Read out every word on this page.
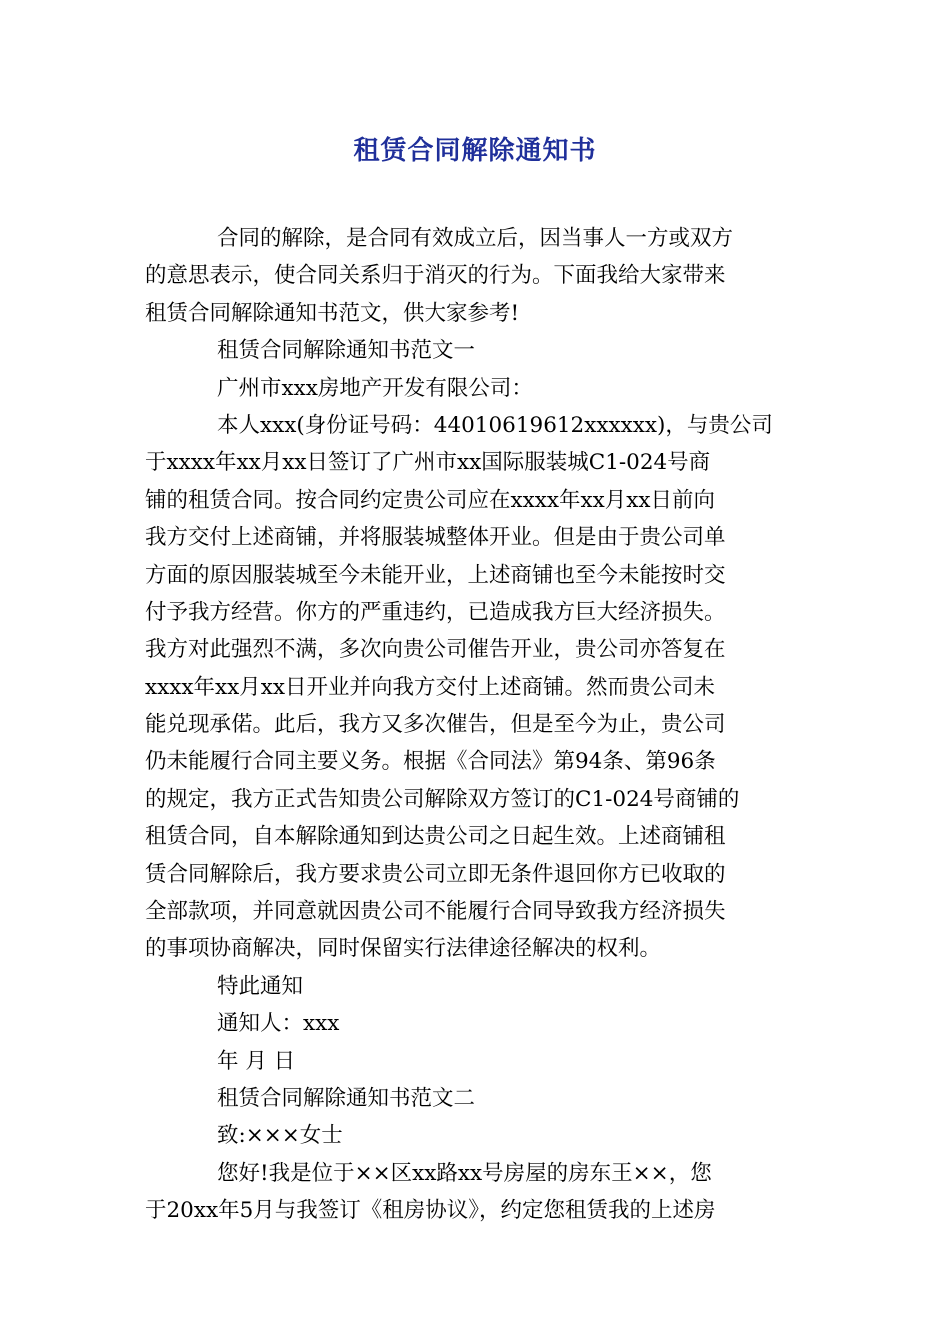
租赁合同解除通知书
合同的解除，是合同有效成立后，因当事人一方或双方
的意思表示，使合同关系归于消灭的行为。下面我给大家带来
租赁合同解除通知书范文，供大家参考!
租赁合同解除通知书范文一
广州市xxx房地产开发有限公司：
本人xxx(身份证号码：44010619612xxxxxx)，与贵公司
于xxxx年xx月xx日签订了广州市xx国际服装城C1-024号商
铺的租赁合同。按合同约定贵公司应在xxxx年xx月xx日前向
我方交付上述商铺，并将服装城整体开业。但是由于贵公司单
方面的原因服装城至今未能开业，上述商铺也至今未能按时交
付予我方经营。你方的严重违约，已造成我方巨大经济损失。
我方对此强烈不满，多次向贵公司催告开业，贵公司亦答复在
xxxx年xx月xx日开业并向我方交付上述商铺。然而贵公司未
能兑现承偌。此后，我方又多次催告，但是至今为止，贵公司
仍未能履行合同主要义务。根据《合同法》第94条、第96条
的规定，我方正式告知贵公司解除双方签订的C1-024号商铺的
租赁合同，自本解除通知到达贵公司之日起生效。上述商铺租
赁合同解除后，我方要求贵公司立即无条件退回你方已收取的
全部款项，并同意就因贵公司不能履行合同导致我方经济损失
的事项协商解决，同时保留实行法律途径解决的权利。
特此通知
通知人：xxx
年 月 日
租赁合同解除通知书范文二
致:×××女士
您好!我是位于××区xx路xx号房屋的房东王××，您
于20xx年5月与我签订《租房协议》，约定您租赁我的上述房
